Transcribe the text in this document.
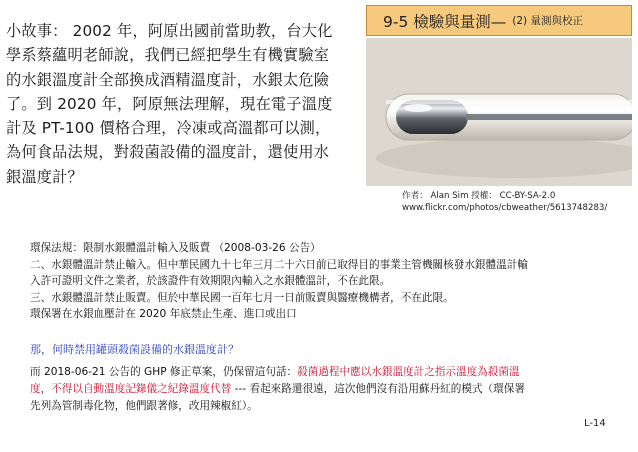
小故事： 2002 年，阿原出國前當助教，台大化
學系蔡蘊明老師說，我們已經把學生有機實驗室
的水銀溫度計全部換成酒精溫度計，水銀太危險
了。到 2020 年，阿原無法理解，現在電子溫度
計及 PT-100 價格合理，冷凍或高溫都可以測，
為何食品法規，對殺菌設備的溫度計，還使用水
銀溫度計？
9-5 檢驗與量測— (2) 量測與校正
作者： Alan Sim 授權： CC-BY-SA-2.0
www.flickr.com/photos/cbweather/5613748283/
環保法規：限制水銀體溫計輸入及販賣 （2008-03-26 公告）
二、水銀體溫計禁止輸入。但中華民國九十七年三月二十六日前已取得目的事業主管機關核發水銀體溫計輸
入許可證明文件之業者，於該證件有效期限內輸入之水銀體溫計，不在此限。
三、水銀體溫計禁止販賣。但於中華民國一百年七月一日前販賣與醫療機構者，不在此限。
環保署在水銀血壓計在 2020 年底禁止生產、進口或出口
那，何時禁用罐頭殺菌設備的水銀溫度計？
而 2018-06-21 公告的 GHP 修正草案，仍保留這句話：殺菌過程中應以水銀溫度計之指示溫度為殺菌溫
度，不得以自動溫度記錄儀之紀錄溫度代替 --- 看起來路還很遠，這次他們沒有沿用蘇丹紅的模式（環保署
先列為管制毒化物，他們跟著修，改用辣椒紅）。
L-14
